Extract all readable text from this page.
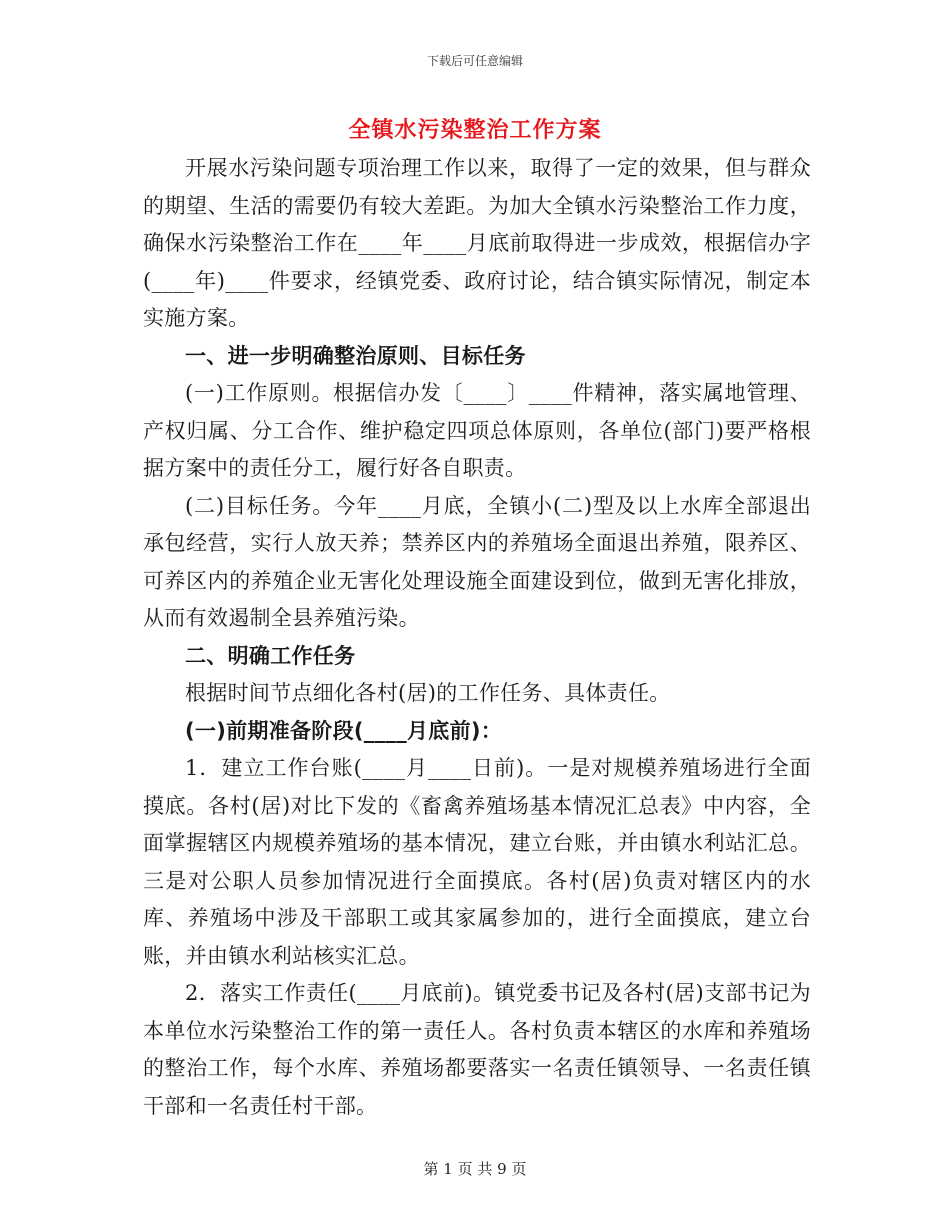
下载后可任意编辑
全镇水污染整治工作方案

开展水污染问题专项治理工作以来，取得了一定的效果，但与群众的期望、生活的需要仍有较大差距。为加大全镇水污染整治工作力度，确保水污染整治工作在____年____月底前取得进一步成效，根据信办字(____年)____件要求，经镇党委、政府讨论，结合镇实际情况，制定本实施方案。

一、进一步明确整治原则、目标任务

(一)工作原则。根据信办发〔____〕____件精神，落实属地管理、产权归属、分工合作、维护稳定四项总体原则，各单位(部门)要严格根据方案中的责任分工，履行好各自职责。

(二)目标任务。今年____月底，全镇小(二)型及以上水库全部退出承包经营，实行人放天养；禁养区内的养殖场全面退出养殖，限养区、可养区内的养殖企业无害化处理设施全面建设到位，做到无害化排放，从而有效遏制全县养殖污染。

二、明确工作任务

根据时间节点细化各村(居)的工作任务、具体责任。

(一)前期准备阶段(____月底前)：

1．建立工作台账(____月____日前)。一是对规模养殖场进行全面摸底。各村(居)对比下发的《畜禽养殖场基本情况汇总表》中内容，全面掌握辖区内规模养殖场的基本情况，建立台账，并由镇水利站汇总。三是对公职人员参加情况进行全面摸底。各村(居)负责对辖区内的水库、养殖场中涉及干部职工或其家属参加的，进行全面摸底，建立台账，并由镇水利站核实汇总。

2．落实工作责任(____月底前)。镇党委书记及各村(居)支部书记为本单位水污染整治工作的第一责任人。各村负责本辖区的水库和养殖场的整治工作，每个水库、养殖场都要落实一名责任镇领导、一名责任镇干部和一名责任村干部。

第 1 页 共 9 页
